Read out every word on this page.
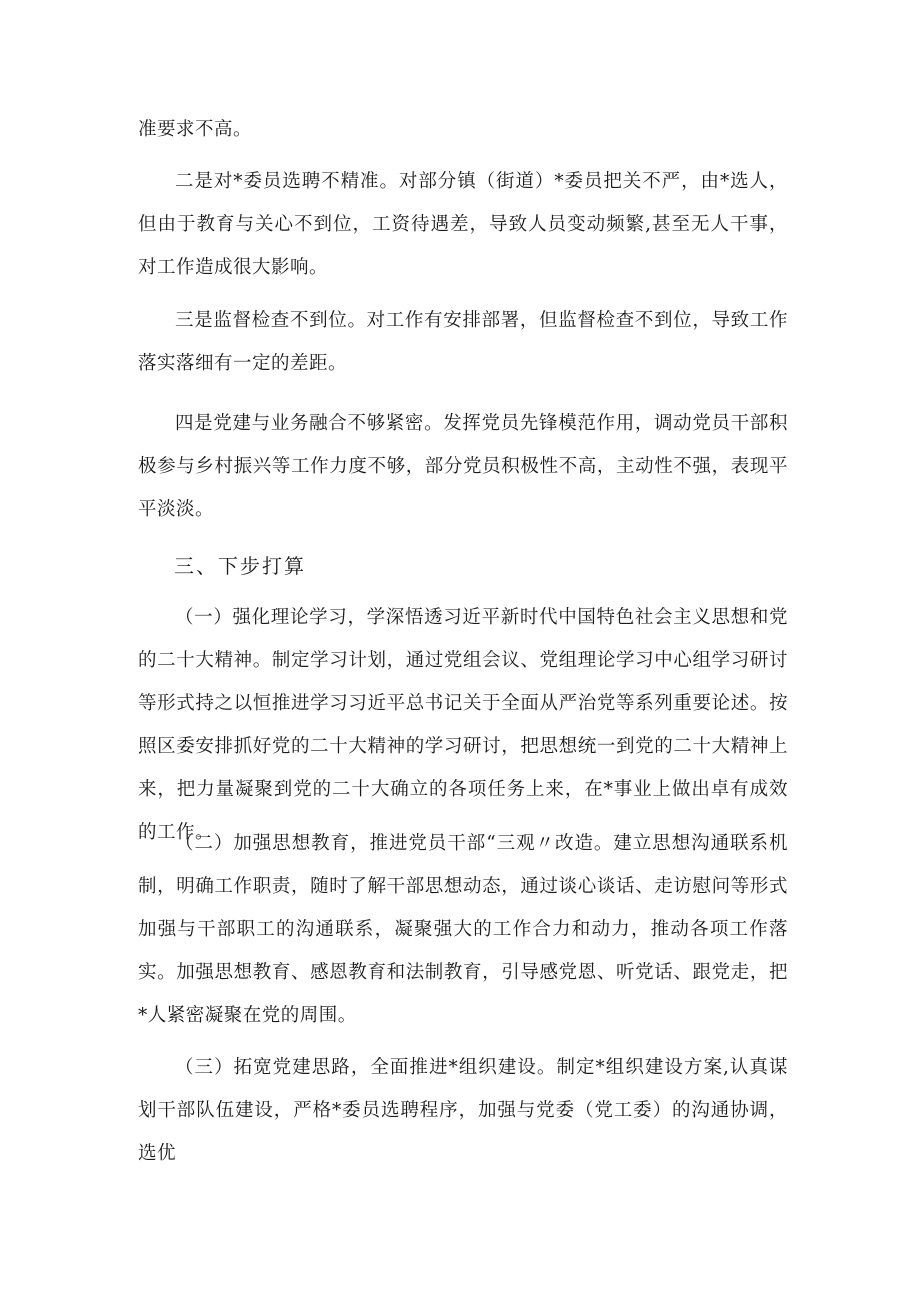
准要求不高。

二是对*委员选聘不精准。对部分镇（街道）*委员把关不严，由*选人，但由于教育与关心不到位，工资待遇差，导致人员变动频繁,甚至无人干事，对工作造成很大影响。

三是监督检查不到位。对工作有安排部署，但监督检查不到位，导致工作落实落细有一定的差距。

四是党建与业务融合不够紧密。发挥党员先锋模范作用，调动党员干部积极参与乡村振兴等工作力度不够，部分党员积极性不高，主动性不强，表现平平淡淡。

三、下步打算

（一）强化理论学习，学深悟透习近平新时代中国特色社会主义思想和党的二十大精神。制定学习计划，通过党组会议、党组理论学习中心组学习研讨等形式持之以恒推进学习习近平总书记关于全面从严治党等系列重要论述。按照区委安排抓好党的二十大精神的学习研讨，把思想统一到党的二十大精神上来，把力量凝聚到党的二十大确立的各项任务上来，在*事业上做出卓有成效的工作。

（二）加强思想教育，推进党员干部“三观〃改造。建立思想沟通联系机制，明确工作职责，随时了解干部思想动态，通过谈心谈话、走访慰问等形式加强与干部职工的沟通联系，凝聚强大的工作合力和动力，推动各项工作落实。加强思想教育、感恩教育和法制教育，引导感党恩、听党话、跟党走，把*人紧密凝聚在党的周围。

（三）拓宽党建思路，全面推进*组织建设。制定*组织建设方案,认真谋划干部队伍建设，严格*委员选聘程序，加强与党委（党工委）的沟通协调，选优
